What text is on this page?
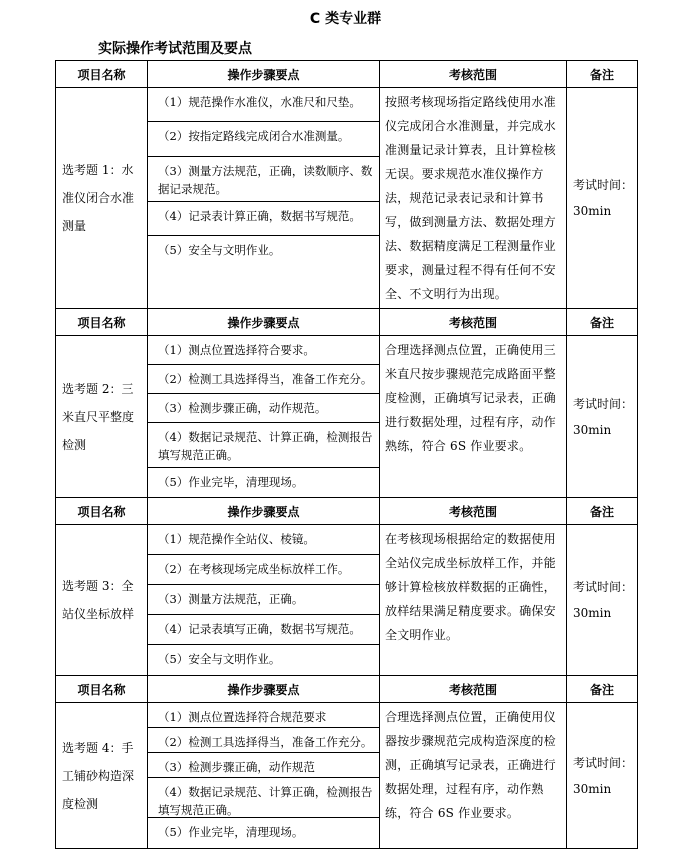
C 类专业群
实际操作考试范围及要点
项目名称	操作步骤要点	考核范围	备注
选考题 1：水准仪闭合水准测量	（1）规范操作水准仪，水准尺和尺垫。
（2）按指定路线完成闭合水准测量。
（3）测量方法规范，正确，读数顺序、数据记录规范。
（4）记录表计算正确，数据书写规范。
（5）安全与文明作业。	按照考核现场指定路线使用水准仪完成闭合水准测量，并完成水准测量记录计算表，且计算检核无误。要求规范水准仪操作方法，规范记录表记录和计算书写，做到测量方法、数据处理方法、数据精度满足工程测量作业要求，测量过程不得有任何不安全、不文明行为出现。	考试时间：30min
项目名称	操作步骤要点	考核范围	备注
选考题 2：三米直尺平整度检测	（1）测点位置选择符合要求。
（2）检测工具选择得当，准备工作充分。
（3）检测步骤正确，动作规范。
（4）数据记录规范、计算正确，检测报告填写规范正确。
（5）作业完毕，清理现场。	合理选择测点位置，正确使用三米直尺按步骤规范完成路面平整度检测，正确填写记录表，正确进行数据处理，过程有序，动作熟练，符合 6S 作业要求。	考试时间：30min
项目名称	操作步骤要点	考核范围	备注
选考题 3：全站仪坐标放样	（1）规范操作全站仪、棱镜。
（2）在考核现场完成坐标放样工作。
（3）测量方法规范，正确。
（4）记录表填写正确，数据书写规范。
（5）安全与文明作业。	在考核现场根据给定的数据使用全站仪完成坐标放样工作，并能够计算检核放样数据的正确性，放样结果满足精度要求。确保安全文明作业。	考试时间：30min
项目名称	操作步骤要点	考核范围	备注
选考题 4：手工铺砂构造深度检测	（1）测点位置选择符合规范要求
（2）检测工具选择得当，准备工作充分。
（3）检测步骤正确，动作规范
（4）数据记录规范、计算正确，检测报告填写规范正确。
（5）作业完毕，清理现场。	合理选择测点位置，正确使用仪器按步骤规范完成构造深度的检测，正确填写记录表，正确进行数据处理，过程有序，动作熟练，符合 6S 作业要求。	考试时间：30min
